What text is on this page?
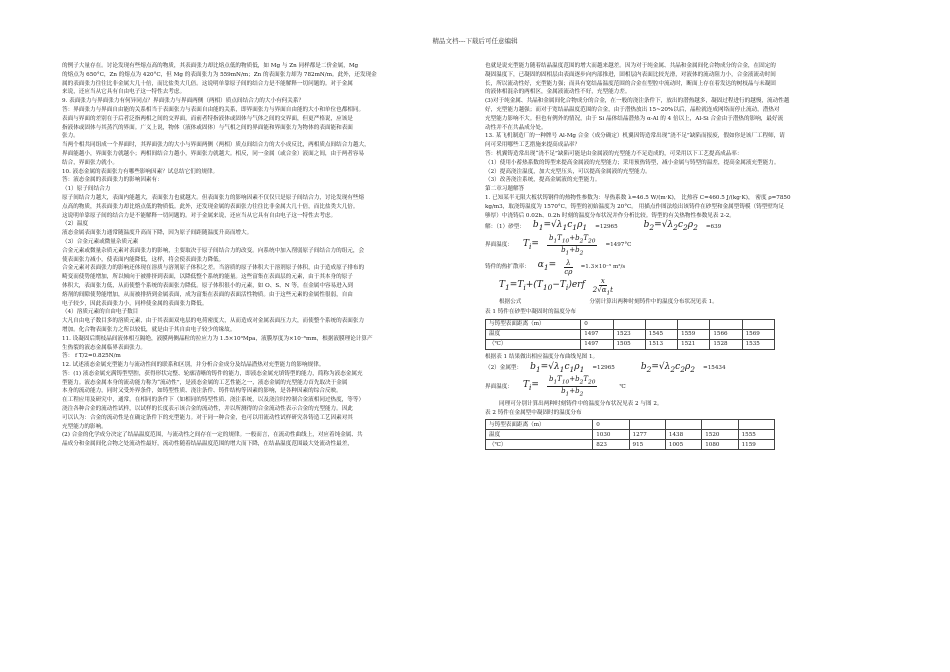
精品文档---下载后可任意编辑

的例子大量存在。讨论发现有些熔点高的物质，其表面张力却比熔点低的物质低，如 Mg 与 Zn 同样都是二价金属，Mg

的熔点为 650°C，Zn 的熔点为 420°C，但 Mg 的表面张力为 559mN/m；Zn 的表面张力却为 782mN/m。此外，还发现金

属的表面张力往往比非金属大几十倍，而比盐类大几倍。这说明单靠原子间的结合力是不能解释一切问题的。对于金属

来说，还应当从它具有自由电子这一特性去考虑。

9. 表面张力与界面张力有何异同点？界面张力与界面两侧（两相）质点间结合力的大小有何关系？

答：界面张力与界面自由能的关系相当于表面张力与表面自由能的关系，即界面张力与界面自由能的大小和单位也都相同。

表面与界面的差别在于后者泛指两相之间的交界面，而前者特指液体或固体与气体之间的交界面，但更严格说，应该是

指液体或固体与其蒸汽的界面。广义上说，物体（液体或固体）与气相之间的界面能和界面张力为物体的表面能和表面

张力。

当两个相共同组成一个界面时，其界面张力的大小与界面两侧（两相）质点间结合力的大小成反比，两相质点间结合力越大，

界面能越小，界面张力就越小；两相间结合力越小，界面张力就越大。相反，同一金属（或合金）液面之间，由于两者容易

结合，界面张力就小。

10. 液态金属的表面张力有哪些影响因素？试总结它们的规律。

答：液态金属的表面张力的影响因素有：

（1）原子间结合力

原子间结合力越大，表面内能越大，表面张力也就越大。但表面张力的影响因素不仅仅只是原子间结合力，讨论发现有些熔

点高的物质，其表面张力却比熔点低的物质低。此外，还发现金属的表面张力往往比非金属大几十倍，而比盐类大几倍。

这说明单靠原子间的结合力是不能解释一切问题的。对于金属来说，还应当从它具有自由电子这一特性去考虑。

（2）温度

液态金属表面张力通常随温度升高而下降，因为原子间距随温度升高而增大。

（3）合金元素或微量杂质元素

合金元素或微量杂质元素对表面张力的影响，主要取决于原子间结合力的改变。向系统中加入削弱原子间结合力的组元，会

使表面张力减小，使表面内能降低，这样，将会使表面张力降低。

合金元素对表面张力的影响还体现在溶质与溶剂原子体积之差。当溶质的原子体积大于溶剂原子体积，由于造成原子排布的

畸变而使势能增加，所以倾向于被排挤到表面，以降低整个系统的能量。这些富集在表面层的元素，由于其本身的原子

体积大，表面张力低，从而使整个系统的表面张力降低。原子体积很小的元素，如 O、S、N 等，在金属中容易进入到

熔剂的间隙使势能增加，从而被排挤到金属表面，成为富集在表面的表面活性物质。由于这些元素的金属性很弱，自由

电子较少，因此表面张力小，同样使金属的表面张力降低。

（4）溶质元素的自由电子数目

大凡自由电子数目多的溶质元素，由于其表面双电层的电荷密度大，从而造成对金属表面压力大，而使整个系统的表面张力

增加。化合物表面张力之所以较低，就是由于其自由电子较少的缘故。

11. 设凝固后期枝晶间液体相互隔绝，液膜两侧晶粒的拉应力为 1.5×10³Mpa，液膜厚度为×10⁻⁶mm，根据液膜理论计算产

生热裂的液态金属临界表面张力。

答： f T/2=0.825N/m

12. 试述液态金属充型能力与流动性间的联系和区别，并分析合金成分及结晶潜热对充型能力的影响规律。

答：(1) 液态金属充满铸型型腔，获得形状完整、轮廓清晰的铸件的能力，即液态金属充填铸型的能力，简称为液态金属充

型能力。液态金属本身的流动能力称为“流动性”，是液态金属的工艺性能之一，液态金属的充型能力首先取决于金属

本身的流动能力，同时又受外界条件，如铸型性质、浇注条件、铸件结构等因素的影响，是各种因素的综合反映。

在工程应用及研究中，通常，在相同的条件下（如相同的铸型性质、浇注系统，以及浇注时控制合金液相同过热度，等等）

浇注各种合金的流动性试样，以试样的长度表示该合金的流动性，并以所测得的合金流动性表示合金的充型能力。因此

可以认为：合金的流动性是在确定条件下的充型能力。对于同一种合金，也可以用流动性试样研究各铸造工艺因素对其

充型能力的影响。

(2) 合金的化学成分决定了结晶温度范围，与流动性之间存在一定的规律。一般而言，在流动性曲线上，对应着纯金属、共

晶成分和金属间化合物之处流动性最好，流动性随着结晶温度范围的增大而下降，在结晶温度范围最大处流动性最差，

也就是说充型能力随着结晶温度范围的增大而越来越差。因为对于纯金属、共晶和金属间化合物成分的合金，在固定的

凝固温度下，已凝固的固相层由表面逐步向内部推进，固相层内表面比较光滑，对液体的流动阻力小，合金液流动时间

长，所以流动性好，充型能力强；而具有宽结晶温度范围的合金在型腔中流动时，断面上存在着发达的树枝晶与未凝固

的液体相混杂的两相区，金属液流动性不好，充型能力差。

(3)对于纯金属、共晶和金属间化合物成分的合金，在一般的浇注条件下，放出的潜热越多，凝固过程进行的越慢，流动性越

好，充型能力越强；而对于宽结晶温度范围的合金，由于潜热放出 15~20%以后，晶粒就连成网络而停止流动，潜热对

充型能力影响不大。但也有例外的情况，由于 Si 晶体结晶潜热为 α-Al 的 4 倍以上，Al-Si 合金由于潜热的影响，最好流

动性并不在共晶成分处。

13. 某飞机制造厂的一种牌号 Al-Mg 合金（成分确定）机翼因铸造常出现“浇不足”缺陷而报废，假如你是该厂工程师，请

问可采用哪些工艺措施来提高成品率？

答：机翼铸造常出现“浇不足”缺陷可能是由金属液的充型能力不足造成的，可采用以下工艺提高成品率：

（1）使用小蓄热系数的铸型来提高金属液的充型能力；采用预热铸型，减小金属与铸型的温差，提高金属液充型能力。

（2）提高浇注温度，加大充型压头，可以提高金属液的充型能力。

（3）改善浇注系统，提高金属液的充型能力。

第二章习题解答

1. 已知某半无限大板状铸钢件的热物性参数为：导热系数 λ=46.5 W/(m·K)， 比热容 C=460.5 J/(kg·K)， 密度 ρ=7850

kg/m3，取浇铸温度为 1570°C，铸型的初始温度为 20°C。 用描点作图法绘出该铸件在砂型和金属型铸模（铸型壁均足

够厚）中浇铸后 0.02h、0.2h 时刻的温度分布状况并作分析比较。铸型的有关热物性参数见表 2-2。

解：（1）砂型： $b_1=√\lambda_1c_1\rho_1 =12965$	$b_2=√\lambda_2c_2\rho_2 =639$
界面温度： $T_i= \frac{b_1T_{10}+b_2T_{20}}{b_1+b_2} =1497^\circ C$
铸件的热扩散率： $\alpha_1= \frac{\lambda}{c\rho} =1.3\times 10^{-5}$ m²/s
$T_1=T_i+(T_{10}-T_i)erf \frac{x}{2√\alpha_1t}$
根据公式	分别计算出两种时刻铸件中的温度分布状况见表 1。
表 1 铸件在砂型中凝固时的温度分布
与铸型表面距离（m）	0					
温度	1497	1523	1545	1559	1566	1569
（℃）	1497	1505	1513	1521	1528	1535
根据表 1 结果做出相应温度分布曲线见图 1。
（2）金属型： $b_1=√\lambda_1c_1\rho_1 =12965$	$b_2=√\lambda_2c_2\rho_2 =15434$
界面温度： $T_i= \frac{b_1T_{10}+b_2T_{20}}{b_1+b_2}$	℃
同理可分别计算出两种时刻铸件中的温度分布状况见表 2 与图 2。
表 2 铸件在金属型中凝固时的温度分布
与铸型表面距离（m）	0				
温度	1030	1277	1438	1520	1555
（℃）	823	915	1005	1080	1159
